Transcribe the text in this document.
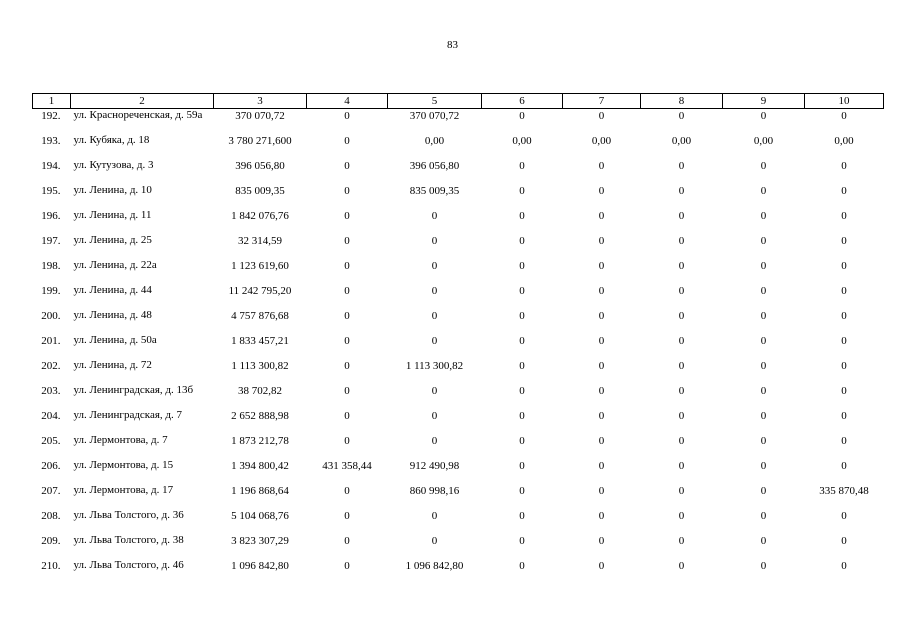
83
1	2	3	4	5	6	7	8	9	10

192.	ул. Красноречeнская, д. 59а	370 070,72	0	370 070,72	0	0	0	0	0

193.	ул. Кубяка, д. 18	3 780 271,600	0	0,00	0,00	0,00	0,00	0,00	0,00

194.	ул. Кутузова, д. 3	396 056,80	0	396 056,80	0	0	0	0	0

195.	ул. Ленина, д. 10	835 009,35	0	835 009,35	0	0	0	0	0

196.	ул. Ленина, д. 11	1 842 076,76	0	0	0	0	0	0	0

197.	ул. Ленина, д. 25	32 314,59	0	0	0	0	0	0	0

198.	ул. Ленина, д. 22а	1 123 619,60	0	0	0	0	0	0	0

199.	ул. Ленина, д. 44	11 242 795,20	0	0	0	0	0	0	0

200.	ул. Ленина, д. 48	4 757 876,68	0	0	0	0	0	0	0

201.	ул. Ленина, д. 50а	1 833 457,21	0	0	0	0	0	0	0

202.	ул. Ленина, д. 72	1 113 300,82	0	1 113 300,82	0	0	0	0	0

203.	ул. Ленинградская, д. 13б	38 702,82	0	0	0	0	0	0	0

204.	ул. Ленинградская, д. 7	2 652 888,98	0	0	0	0	0	0	0

205.	ул. Лермонтова, д. 7	1 873 212,78	0	0	0	0	0	0	0

206.	ул. Лермонтова, д. 15	1 394 800,42	431 358,44	912 490,98	0	0	0	0	0

207.	ул. Лермонтова, д. 17	1 196 868,64	0	860 998,16	0	0	0	0	335 870,48

208.	ул. Льва Толстого, д. 36	5 104 068,76	0	0	0	0	0	0	0

209.	ул. Льва Толстого, д. 38	3 823 307,29	0	0	0	0	0	0	0

210.	ул. Льва Толстого, д. 46	1 096 842,80	0	1 096 842,80	0	0	0	0	0
